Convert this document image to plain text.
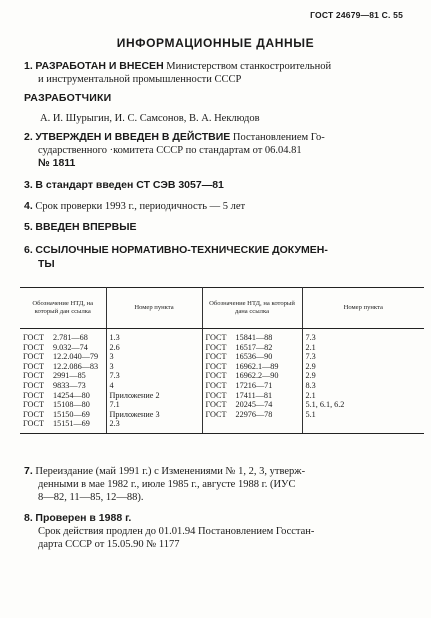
ГОСТ 24679—81 С. 55
ИНФОРМАЦИОННЫЕ ДАННЫЕ
1. РАЗРАБОТАН И ВНЕСЕН Министерством станкостроительной
и инструментальной промышленности СССР
РАЗРАБОТЧИКИ
А. И. Шурыгин, И. С. Самсонов, В. А. Неклюдов
2. УТВЕРЖДЕН И ВВЕДЕН В ДЕЙСТВИЕ Постановлением Го-
сударственного ·комитета СССР по стандартам от 06.04.81
№ 1811
3. В стандарт введен СТ СЭВ 3057—81
4. Срок проверки 1993 г., периодичность — 5 лет
5. ВВЕДЕН ВПЕРВЫЕ
6. ССЫЛОЧНЫЕ НОРМАТИВНО-ТЕХНИЧЕСКИЕ ДОКУМЕН-
ТЫ
Обозначение НТД, на который дан ссылка	Номер пункта	Обозначение НТД, на который дана ссылка	Номер пункта
ГОСТ 2.781—68	1.3	ГОСТ 15841—88	7.3
ГОСТ 9.032—74	2.6	ГОСТ 16517—82	2.1
ГОСТ 12.2.040—79	3	ГОСТ 16536—90	7.3
ГОСТ 12.2.086—83	3	ГОСТ 16962.1—89	2.9
ГОСТ 2991—85	7.3	ГОСТ 16962.2—90	2.9
ГОСТ 9833—73	4	ГОСТ 17216—71	8.3
ГОСТ 14254—80	Приложение 2	ГОСТ 17411—81	2.1
ГОСТ 15108—80	7.1	ГОСТ 20245—74	5.1, 6.1, 6.2
ГОСТ 15150—69	Приложение 3	ГОСТ 22976—78	5.1
ГОСТ 15151—69	2.3		
7. Переиздание (май 1991 г.) с Изменениями № 1, 2, 3, утверж-
денными в мае 1982 г., июле 1985 г., августе 1988 г. (ИУС
8—82, 11—85, 12—88).
8. Проверен в 1988 г.
Срок действия продлен до 01.01.94 Постановлением Госстан-
дарта СССР от 15.05.90 № 1177
